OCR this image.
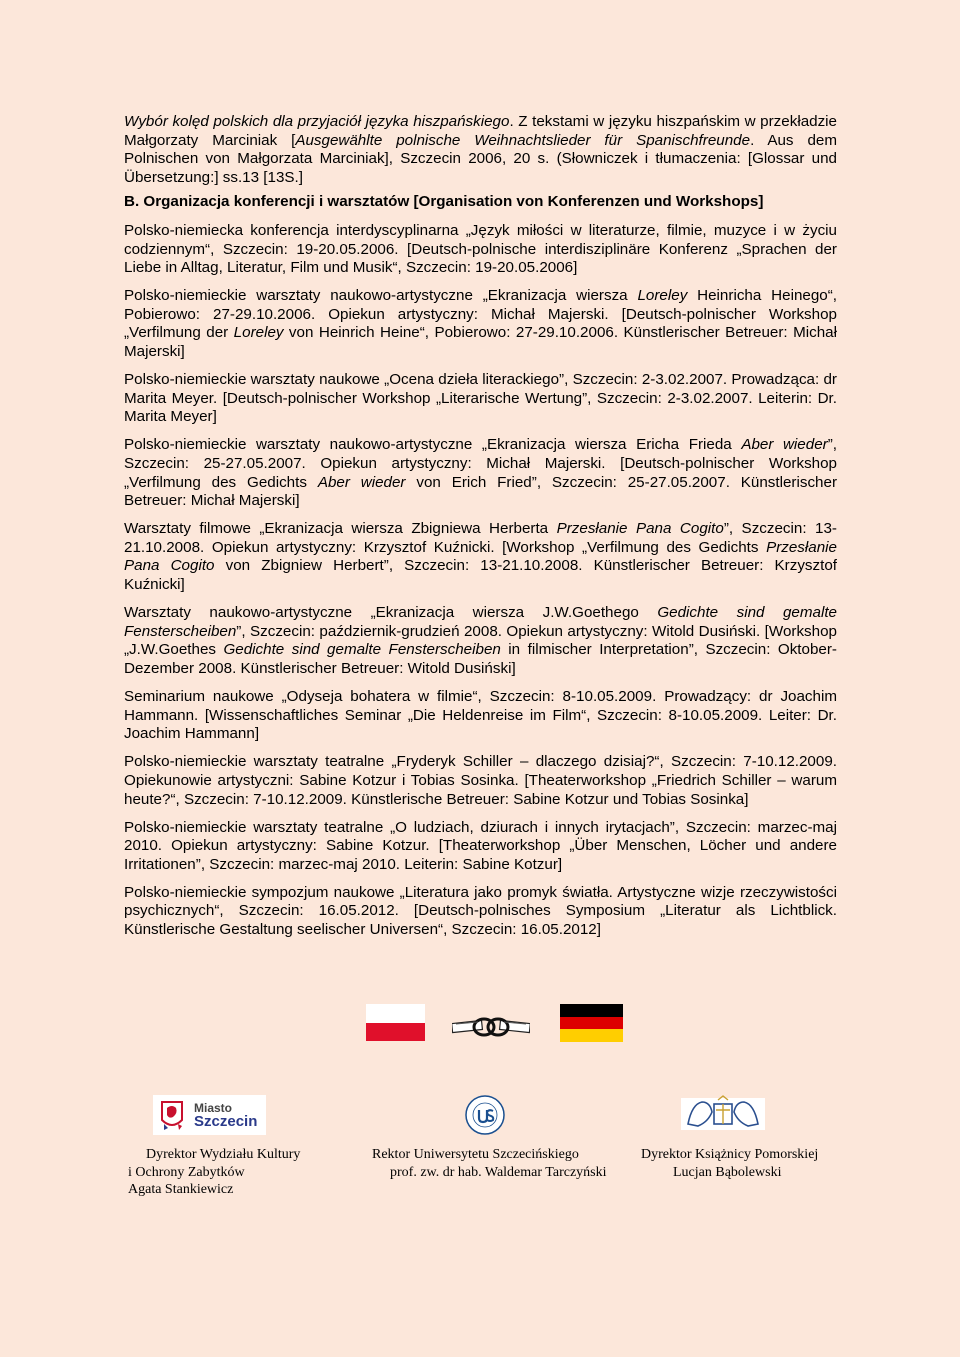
Wybór kolęd polskich dla przyjaciół języka hiszpańskiego. Z tekstami w języku hiszpańskim w przekładzie Małgorzaty Marciniak [Ausgewählte polnische Weihnachtslieder für Spanischfreunde. Aus dem Polnischen von Małgorzata Marciniak], Szczecin 2006, 20 s. (Słowniczek i tłumaczenia: [Glossar und Übersetzung:] ss.13 [13S.]

B. Organizacja konferencji i warsztatów [Organisation von Konferenzen und Workshops]

Polsko-niemiecka konferencja interdyscyplinarna „Język miłości w literaturze, filmie, muzyce i w życiu codziennym“, Szczecin: 19-20.05.2006. [Deutsch-polnische interdisziplinäre Konferenz „Sprachen der Liebe in Alltag, Literatur, Film und Musik“, Szczecin: 19-20.05.2006]

Polsko-niemieckie warsztaty naukowo-artystyczne „Ekranizacja wiersza Loreley Heinricha Heinego“, Pobierowo: 27-29.10.2006. Opiekun artystyczny: Michał Majerski. [Deutsch-polnischer Workshop „Verfilmung der Loreley von Heinrich Heine“, Pobierowo: 27-29.10.2006. Künstlerischer Betreuer: Michał Majerski]

Polsko-niemieckie warsztaty naukowe „Ocena dzieła literackiego”, Szczecin: 2-3.02.2007. Prowadząca: dr Marita Meyer. [Deutsch-polnischer Workshop „Literarische Wertung”, Szczecin: 2-3.02.2007. Leiterin: Dr. Marita Meyer]

Polsko-niemieckie warsztaty naukowo-artystyczne „Ekranizacja wiersza Ericha Frieda Aber wieder”, Szczecin: 25-27.05.2007. Opiekun artystyczny: Michał Majerski. [Deutsch-polnischer Workshop „Verfilmung des Gedichts Aber wieder von Erich Fried”, Szczecin: 25-27.05.2007. Künstlerischer Betreuer: Michał Majerski]

Warsztaty filmowe „Ekranizacja wiersza Zbigniewa Herberta Przesłanie Pana Cogito”, Szczecin: 13-21.10.2008. Opiekun artystyczny: Krzysztof Kuźnicki. [Workshop „Verfilmung des Gedichts Przesłanie Pana Cogito von Zbigniew Herbert”, Szczecin: 13-21.10.2008. Künstlerischer Betreuer: Krzysztof Kuźnicki]

Warsztaty naukowo-artystyczne „Ekranizacja wiersza J.W.Goethego Gedichte sind gemalte Fensterscheiben”, Szczecin: październik-grudzień 2008. Opiekun artystyczny: Witold Dusiński. [Workshop „J.W.Goethes Gedichte sind gemalte Fensterscheiben in filmischer Interpretation”, Szczecin: Oktober-Dezember 2008. Künstlerischer Betreuer: Witold Dusiński]

Seminarium naukowe „Odyseja bohatera w filmie“, Szczecin: 8-10.05.2009. Prowadzący: dr Joachim Hammann. [Wissenschaftliches Seminar „Die Heldenreise im Film“, Szczecin: 8-10.05.2009. Leiter: Dr. Joachim Hammann]

Polsko-niemieckie warsztaty teatralne „Fryderyk Schiller – dlaczego dzisiaj?“, Szczecin: 7-10.12.2009. Opiekunowie artystyczni: Sabine Kotzur i Tobias Sosinka. [Theaterworkshop „Friedrich Schiller – warum heute?“, Szczecin: 7-10.12.2009. Künstlerische Betreuer: Sabine Kotzur und Tobias Sosinka]

Polsko-niemieckie warsztaty teatralne „O ludziach, dziurach i innych irytacjach”, Szczecin: marzec-maj 2010. Opiekun artystyczny: Sabine Kotzur. [Theaterworkshop „Über Menschen, Löcher und andere Irritationen”, Szczecin: marzec-maj 2010. Leiterin: Sabine Kotzur]

Polsko-niemieckie sympozjum naukowe „Literatura jako promyk światła. Artystyczne wizje rzeczywistości psychicznych“, Szczecin: 16.05.2012. [Deutsch-polnisches Symposium „Literatur als Lichtblick. Künstlerische Gestaltung seelischer Universen“, Szczecin: 16.05.2012]

Miasto
Szczecin
Dyrektor Wydziału Kultury
i Ochrony Zabytków
Agata Stankiewicz
Rektor Uniwersytetu Szczecińskiego
prof. zw. dr hab. Waldemar Tarczyński
Dyrektor Książnicy Pomorskiej
Lucjan Bąbolewski
